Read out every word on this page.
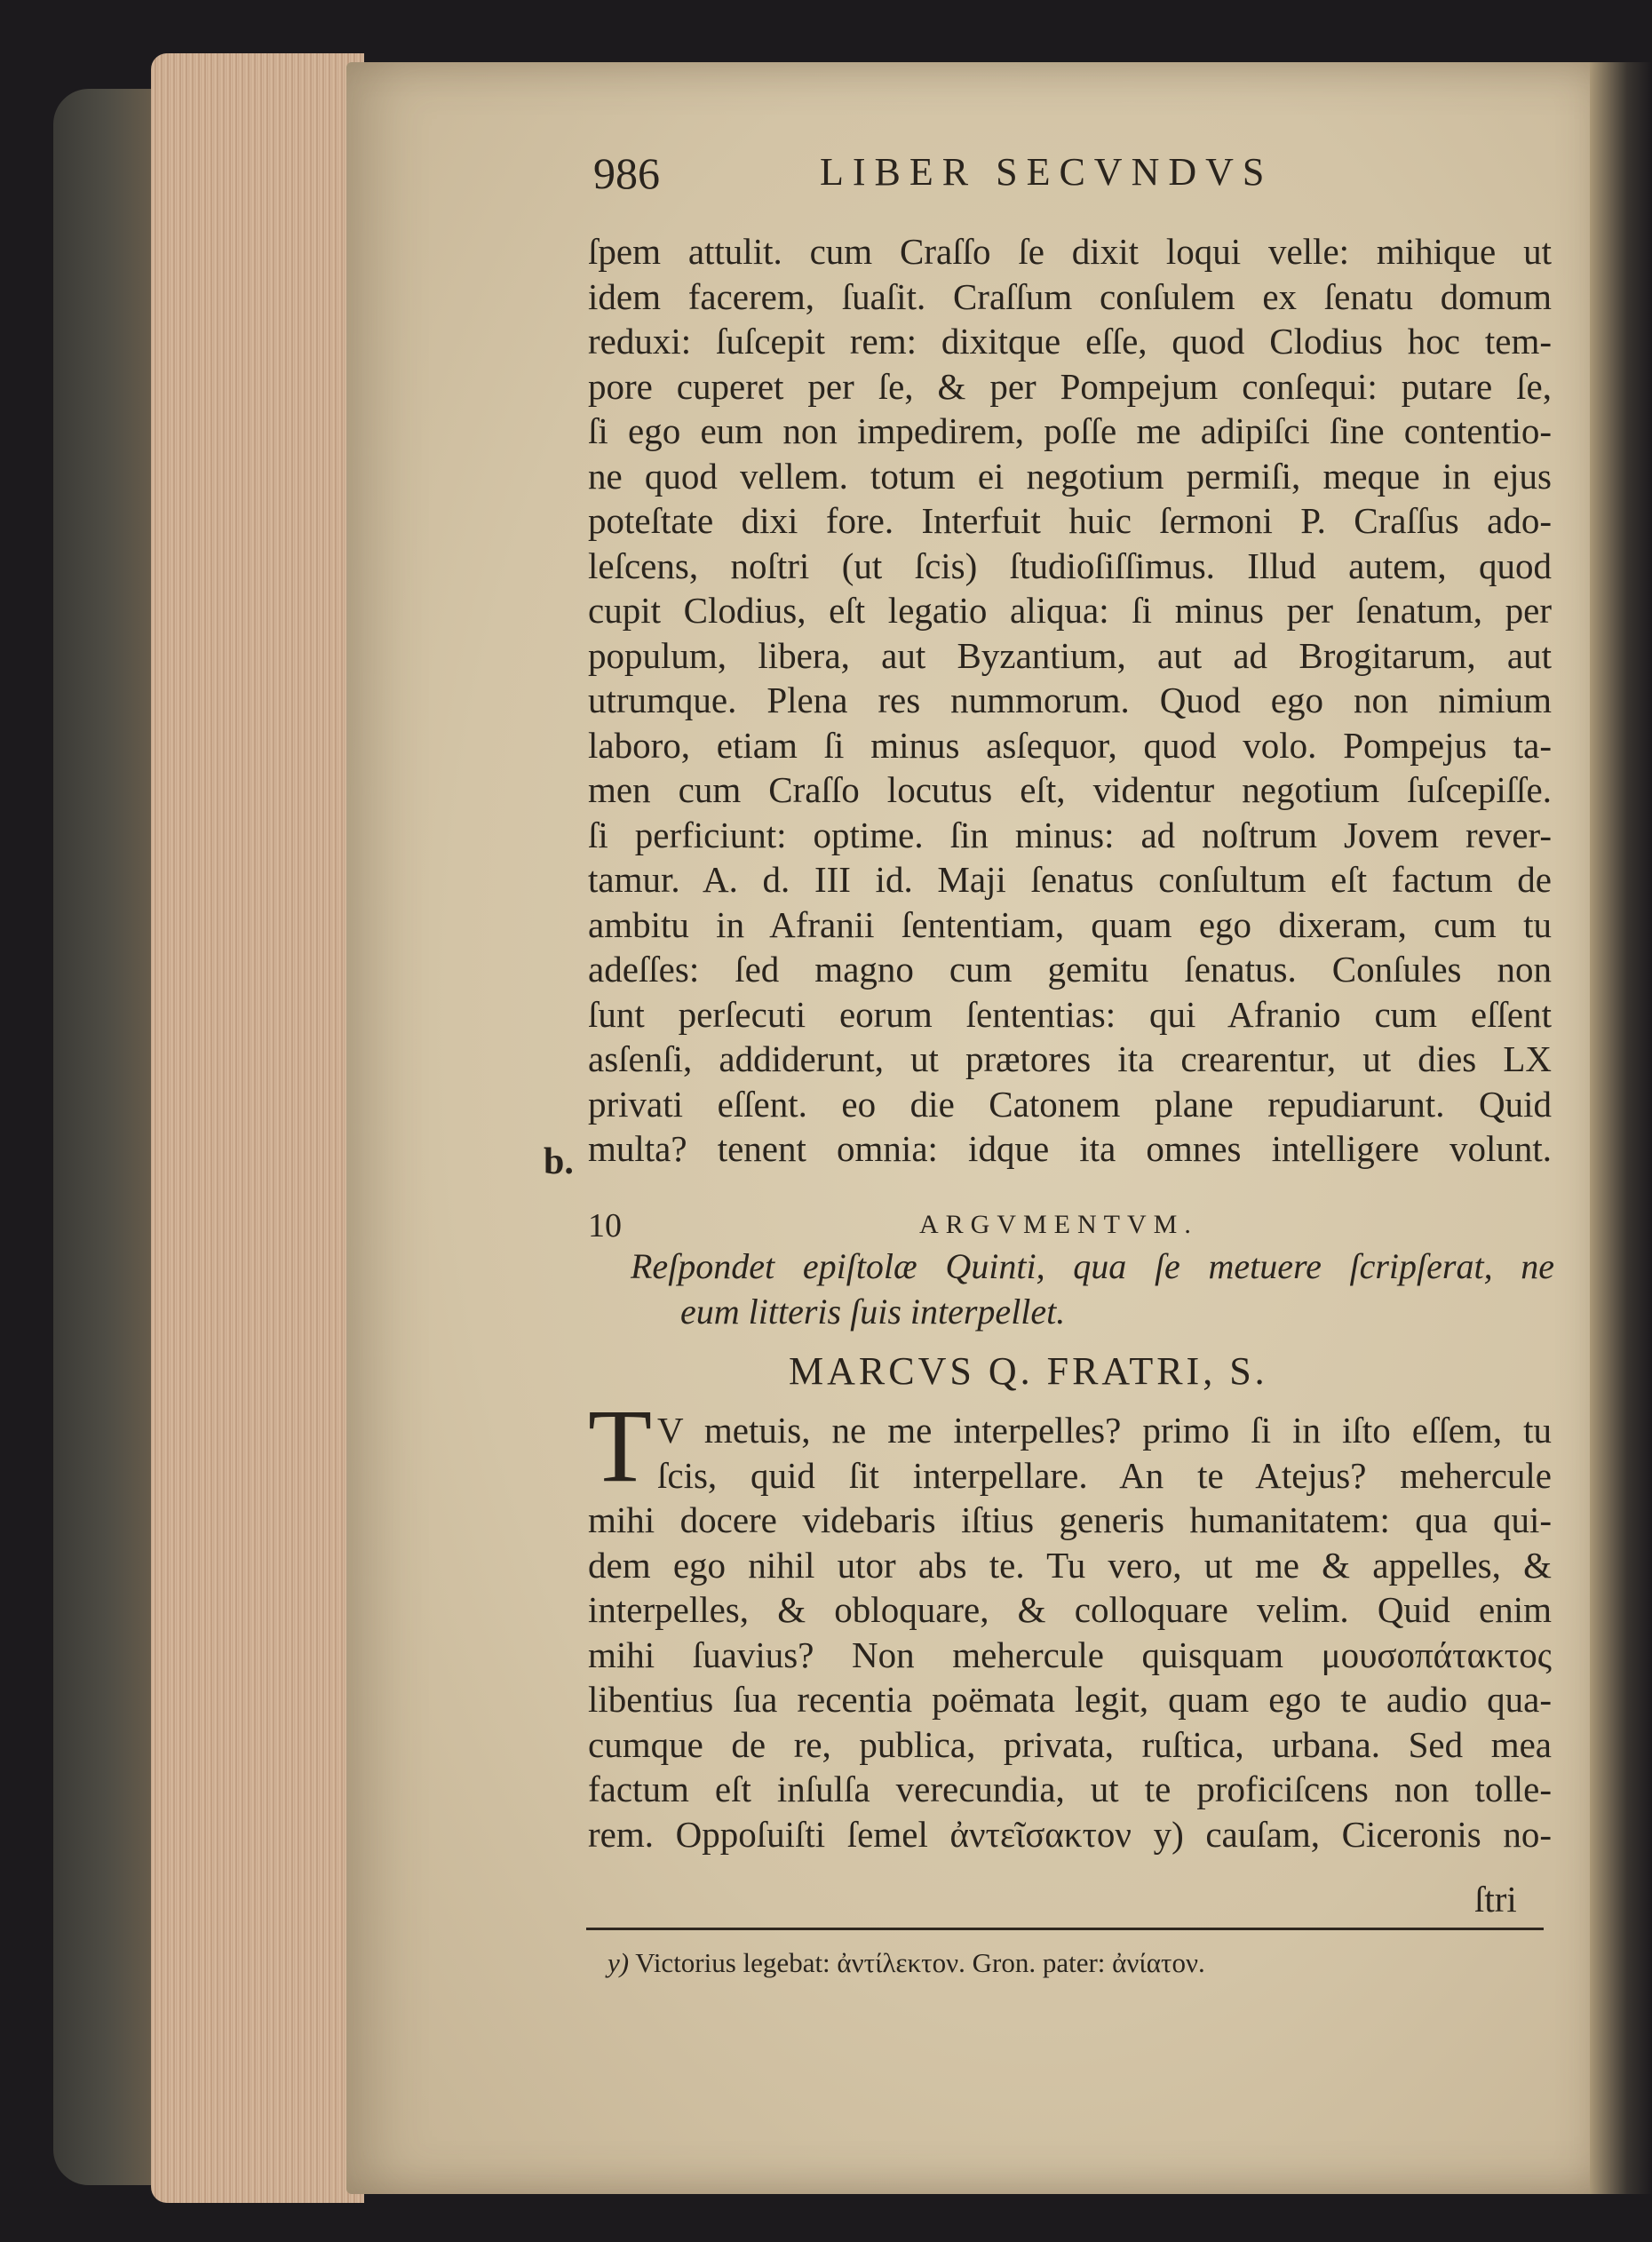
986	LIBER SECVNDVS
ſpem attulit. cum Craſſo ſe dixit loqui velle: mihique ut
idem facerem, ſuaſit. Craſſum conſulem ex ſenatu domum
reduxi: ſuſcepit rem: dixitque eſſe, quod Clodius hoc tem-
pore cuperet per ſe, & per Pompejum conſequi: putare ſe,
ſi ego eum non impedirem, poſſe me adipiſci ſine contentio-
ne quod vellem. totum ei negotium permiſi, meque in ejus
poteſtate dixi fore. Interfuit huic ſermoni P. Craſſus ado-
leſcens, noſtri (ut ſcis) ſtudioſiſſimus. Illud autem, quod
cupit Clodius, eſt legatio aliqua: ſi minus per ſenatum, per
populum, libera, aut Byzantium, aut ad Brogitarum, aut
utrumque. Plena res nummorum. Quod ego non nimium
laboro, etiam ſi minus asſequor, quod volo. Pompejus ta-
men cum Craſſo locutus eſt, videntur negotium ſuſcepiſſe.
ſi perficiunt: optime. ſin minus: ad noſtrum Jovem rever-
tamur. A. d. III id. Maji ſenatus conſultum eſt factum de
ambitu in Afranii ſententiam, quam ego dixeram, cum tu
adeſſes: ſed magno cum gemitu ſenatus. Conſules non
ſunt perſecuti eorum ſententias: qui Afranio cum eſſent
asſenſi, addiderunt, ut prætores ita crearentur, ut dies LX
privati eſſent. eo die Catonem plane repudiarunt. Quid
multa? tenent omnia: idque ita omnes intelligere volunt.
b.
10	ARGVMENTVM.
Reſpondet epiſtolæ Quinti, qua ſe metuere ſcripſerat, ne
eum litteris ſuis interpellet.
MARCVS Q. FRATRI, S.
T V metuis, ne me interpelles? primo ſi in iſto eſſem, tu
ſcis, quid ſit interpellare. An te Atejus? mehercule
mihi docere videbaris iſtius generis humanitatem: qua qui-
dem ego nihil utor abs te. Tu vero, ut me & appelles, &
interpelles, & obloquare, & colloquare velim. Quid enim
mihi ſuavius? Non mehercule quisquam μουσοπάτακτος
libentius ſua recentia poëmata legit, quam ego te audio qua-
cumque de re, publica, privata, ruſtica, urbana. Sed mea
factum eſt inſulſa verecundia, ut te proficiſcens non tolle-
rem. Oppoſuiſti ſemel ἀντεῖσακτον y) cauſam, Ciceronis no-
ſtri
y) Victorius legebat: ἀντίλεκτον. Gron. pater: ἀνίατον.
